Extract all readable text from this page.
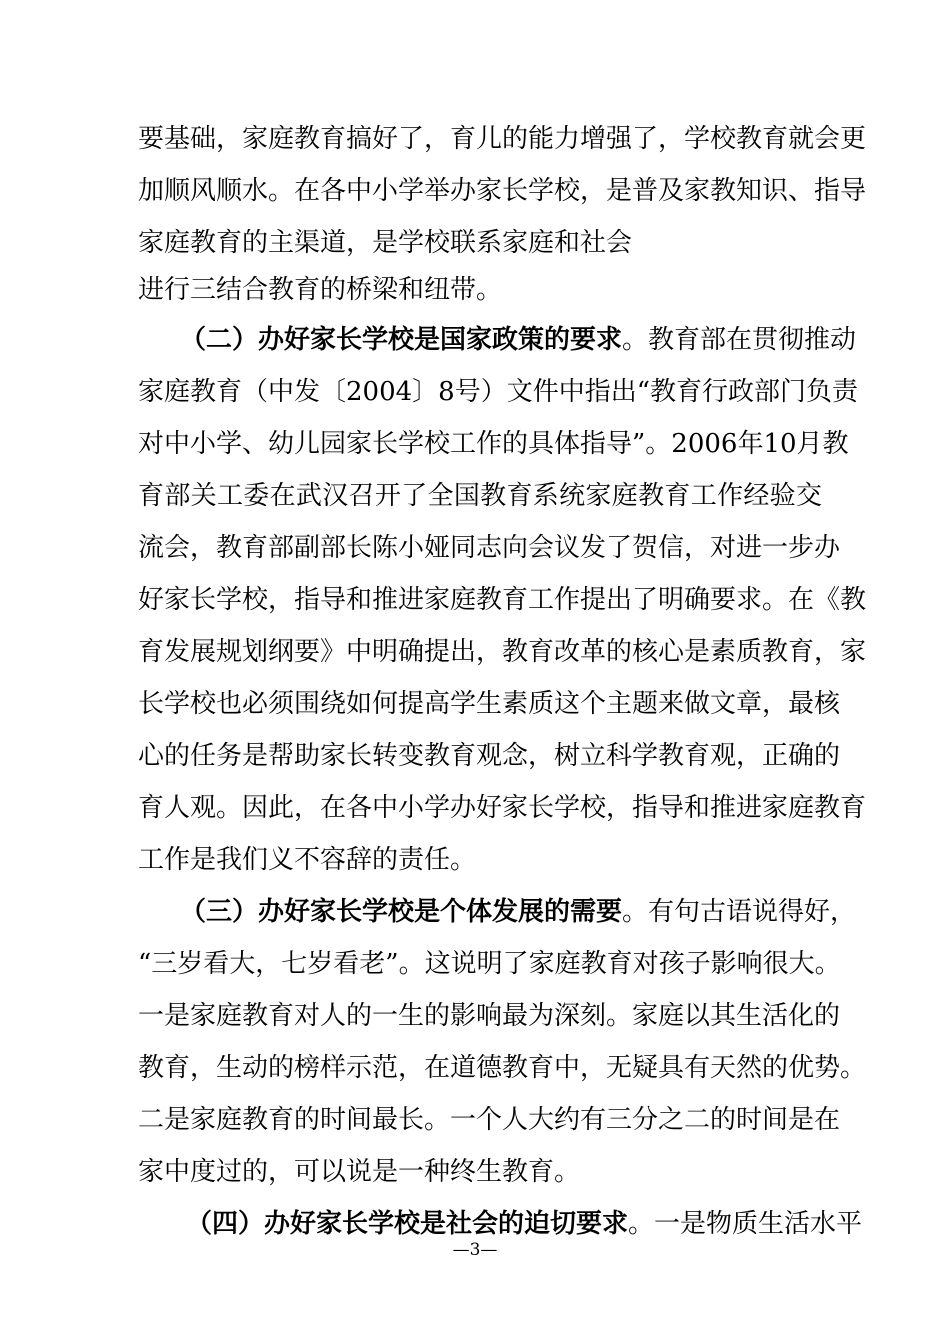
要基础，家庭教育搞好了，育儿的能力增强了，学校教育就会更
加顺风顺水。在各中小学举办家长学校，是普及家教知识、指导
家庭教育的主渠道，是学校联系家庭和社会
进行三结合教育的桥梁和纽带。
（二）办好家长学校是国家政策的要求。教育部在贯彻推动
家庭教育（中发〔2004〕8号）文件中指出“教育行政部门负责
对中小学、幼儿园家长学校工作的具体指导”。2006年10月教
育部关工委在武汉召开了全国教育系统家庭教育工作经验交
流会，教育部副部长陈小娅同志向会议发了贺信，对进一步办
好家长学校，指导和推进家庭教育工作提出了明确要求。在《教
育发展规划纲要》中明确提出，教育改革的核心是素质教育，家
长学校也必须围绕如何提高学生素质这个主题来做文章，最核
心的任务是帮助家长转变教育观念，树立科学教育观，正确的
育人观。因此，在各中小学办好家长学校，指导和推进家庭教育
工作是我们义不容辞的责任。
（三）办好家长学校是个体发展的需要。有句古语说得好，
“三岁看大，七岁看老”。这说明了家庭教育对孩子影响很大。
一是家庭教育对人的一生的影响最为深刻。家庭以其生活化的
教育，生动的榜样示范，在道德教育中，无疑具有天然的优势。
二是家庭教育的时间最长。一个人大约有三分之二的时间是在
家中度过的，可以说是一种终生教育。
（四）办好家长学校是社会的迫切要求。一是物质生活水平
—3—
